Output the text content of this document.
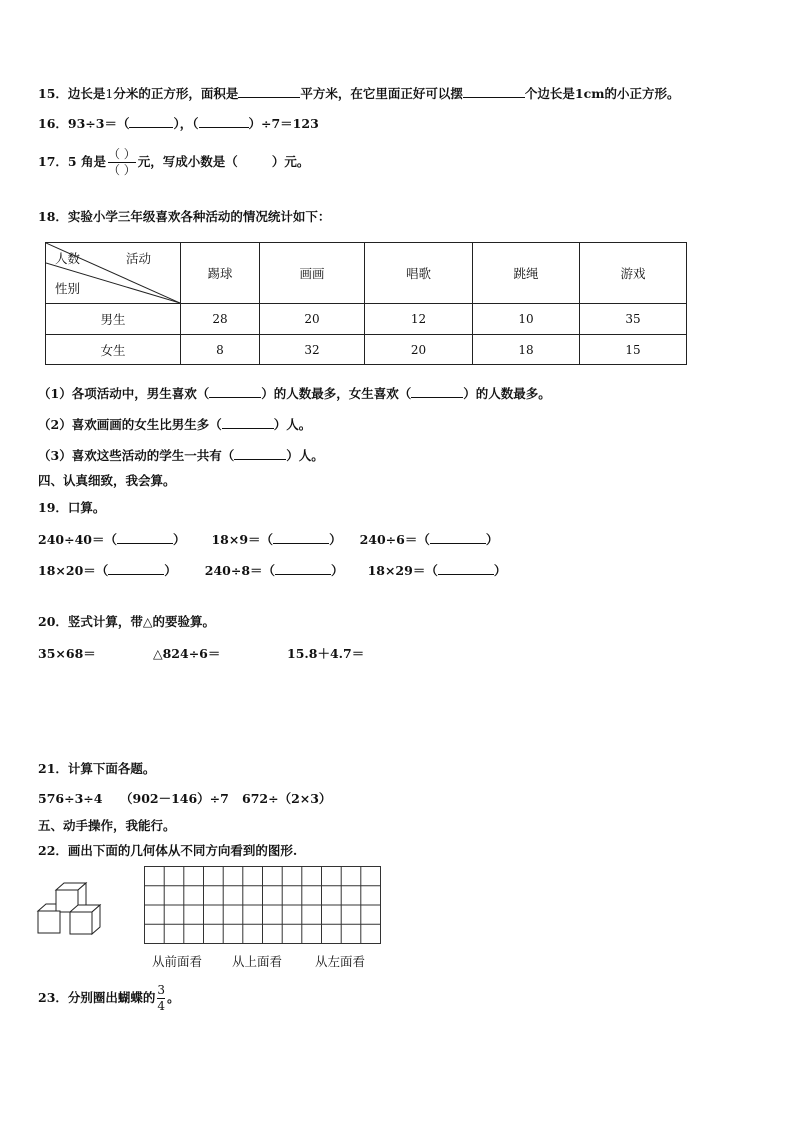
15．边长是1分米的正方形，面积是	平方米，在它里面正好可以摆	个边长是1cm的小正方形。
16．93÷3＝（	），（	）÷7＝123
17．5 角是 $\frac{( )}{( )}$ 元，写成小数是（	）元。
18．实验小学三年级喜欢各种活动的情况统计如下：
人数 活动
性别	踢球	画画	唱歌	跳绳	游戏
男生	28	20	12	10	35
女生	8	32	20	18	15
（1）各项活动中，男生喜欢（	）的人数最多，女生喜欢（	）的人数最多。
（2）喜欢画画的女生比男生多（	）人。
（3）喜欢这些活动的学生一共有（	）人。
四、认真细致，我会算。
19．口算。
240÷40＝（	） 18×9＝（	） 240÷6＝（	）
18×20＝（	） 240÷8＝（	） 18×29＝（	）
20．竖式计算，带△的要验算。
35×68＝	△824÷6＝	15.8＋4.7＝
21．计算下面各题。
576÷3÷4 （902－146）÷7 672÷（2×3）
五、动手操作，我能行。
22．画出下面的几何体从不同方向看到的图形.
从前面看 从上面看	从左面看
23．分别圈出蝴蝶的 $\frac{3}{4}$ 。
